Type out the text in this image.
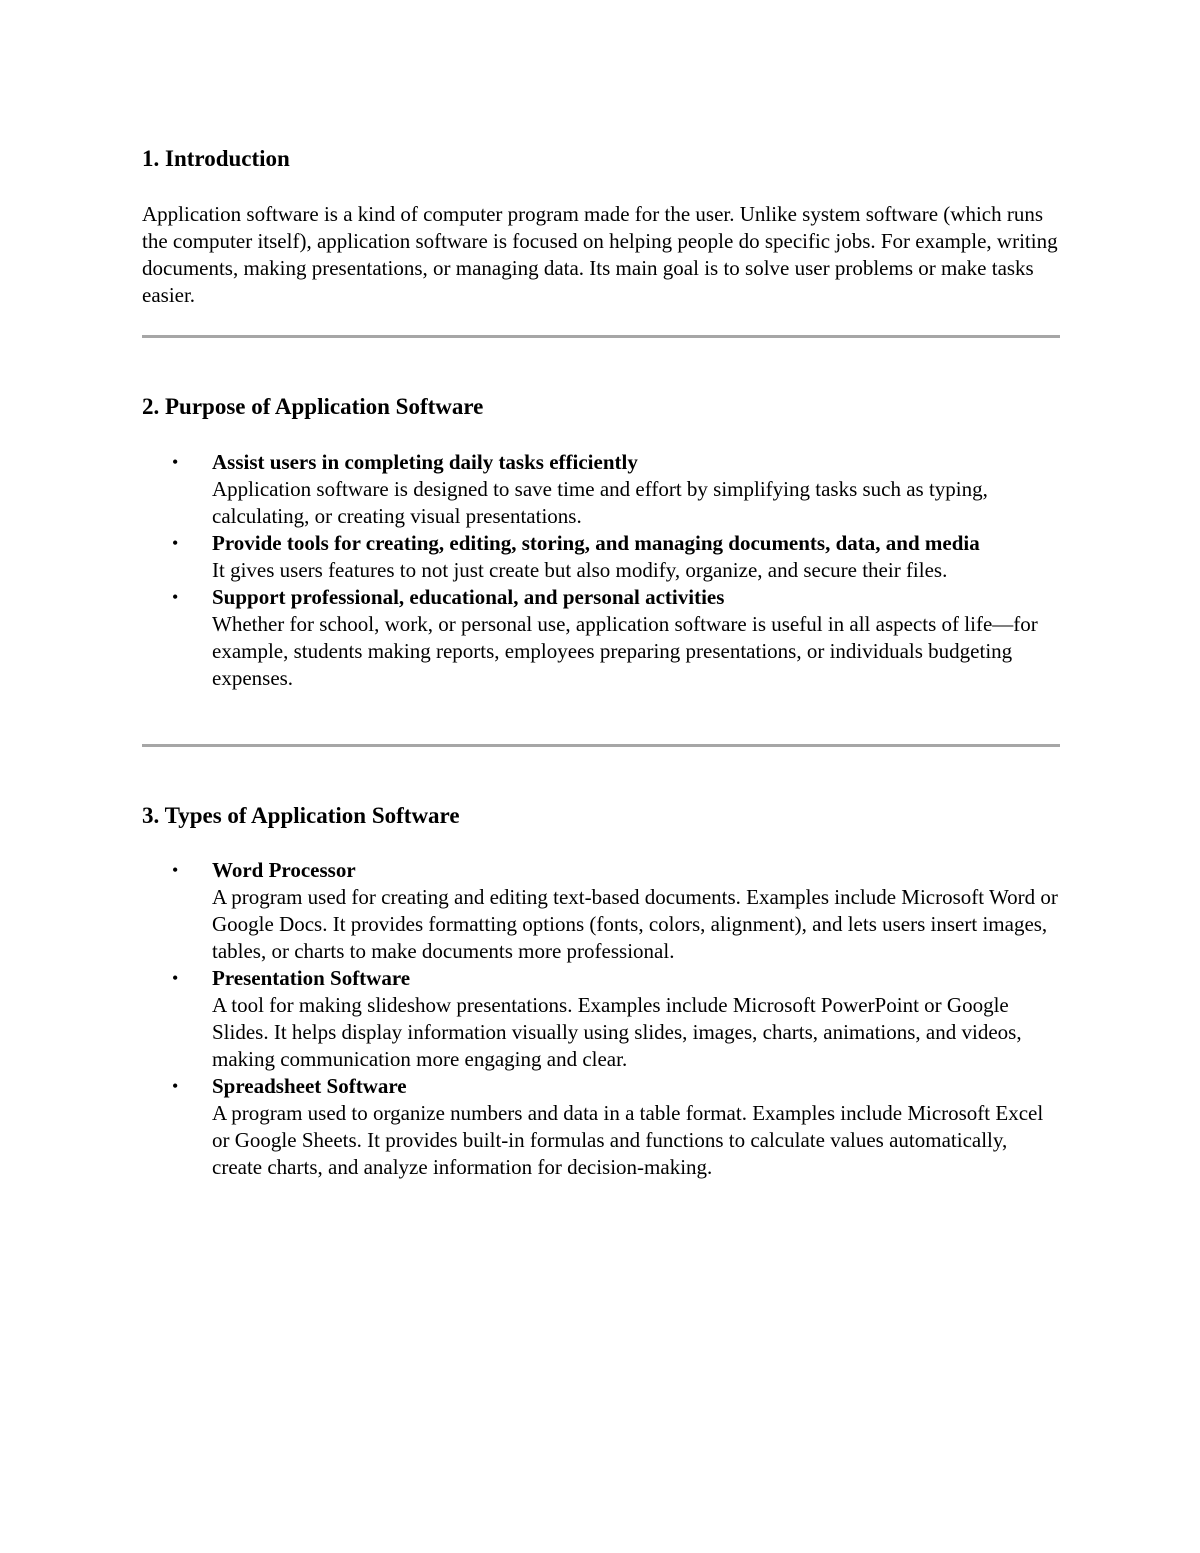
1. Introduction

Application software is a kind of computer program made for the user. Unlike system software (which runs the computer itself), application software is focused on helping people do specific jobs. For example, writing documents, making presentations, or managing data. Its main goal is to solve user problems or make tasks easier.

2. Purpose of Application Software
• Assist users in completing daily tasks efficiently
Application software is designed to save time and effort by simplifying tasks such as typing, calculating, or creating visual presentations.
• Provide tools for creating, editing, storing, and managing documents, data, and media
It gives users features to not just create but also modify, organize, and secure their files.
• Support professional, educational, and personal activities
Whether for school, work, or personal use, application software is useful in all aspects of life—for example, students making reports, employees preparing presentations, or individuals budgeting expenses.
3. Types of Application Software
• Word Processor
A program used for creating and editing text-based documents. Examples include Microsoft Word or Google Docs. It provides formatting options (fonts, colors, alignment), and lets users insert images, tables, or charts to make documents more professional.
• Presentation Software
A tool for making slideshow presentations. Examples include Microsoft PowerPoint or Google Slides. It helps display information visually using slides, images, charts, animations, and videos, making communication more engaging and clear.
• Spreadsheet Software
A program used to organize numbers and data in a table format. Examples include Microsoft Excel or Google Sheets. It provides built-in formulas and functions to calculate values automatically, create charts, and analyze information for decision-making.
